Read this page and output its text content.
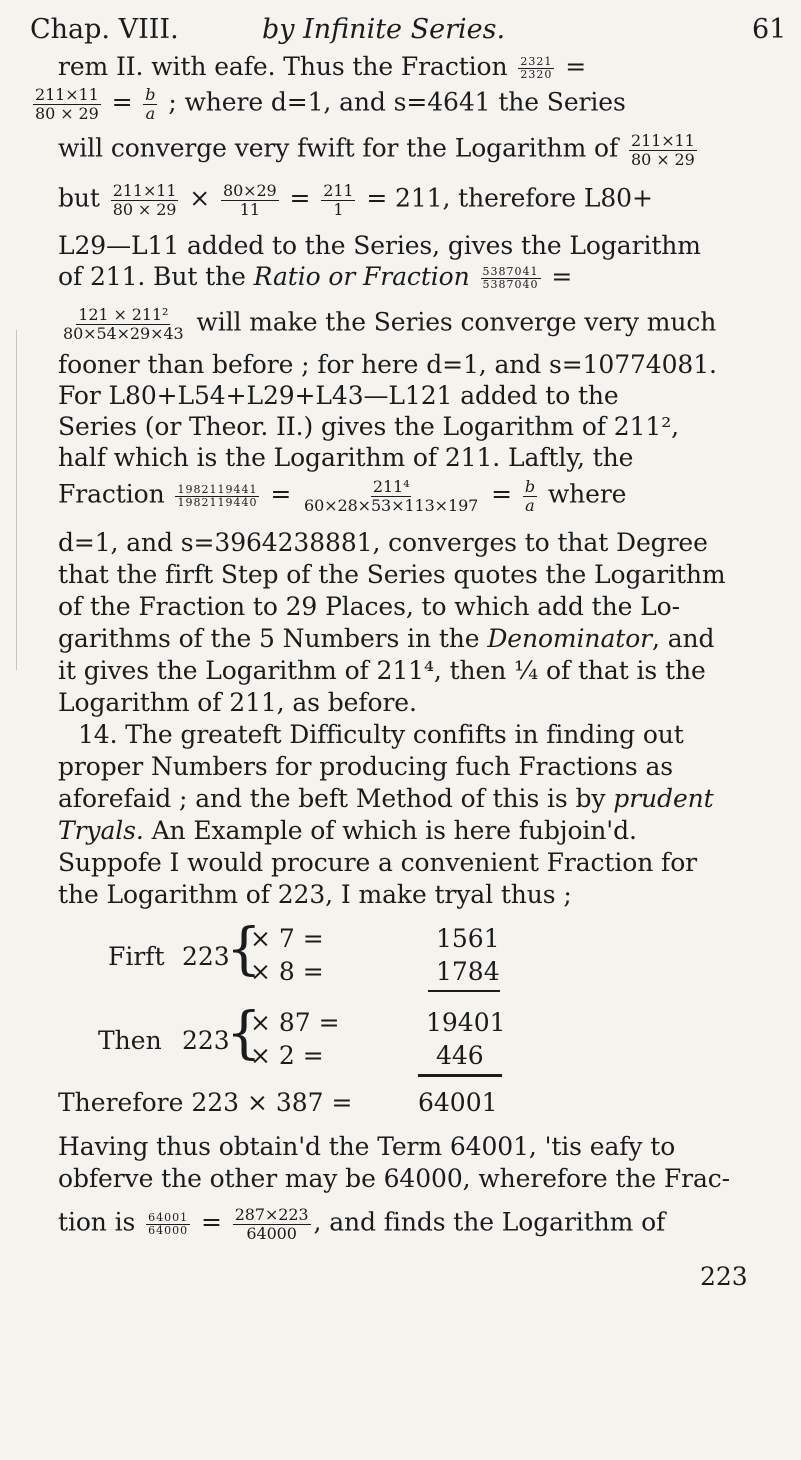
Chap. VIII.	by Infinite Series.	61
rem II. with eafe. Thus the Fraction $\frac{2321}{2320}$ =
$\frac{211\times 11}{80 \times 29} = \frac{b}{a}$ ; where d=1, and s=4641 the Series
will converge very fwift for the Logarithm of $\frac{211\times 11}{80 \times 29}$
but $\frac{211\times 11}{80 \times 29} \times \frac{80\times 29}{11} = \frac{211}{1} = 211$, therefore L80+
L29—L11 added to the Series, gives the Logarithm
of 211. But the Ratio or Fraction $\frac{5387041}{5387040}$ =
$\frac{\text{121 × 211²}}{80\times 54\times 29\times 43}$ will make the Series converge very much
fooner than before ; for here d=1, and s=10774081.
For L80+L54+L29+L43—L121 added to the
Series (or Theor. II.) gives the Logarithm of 211²,
half which is the Logarithm of 211. Laftly, the
Fraction $\frac{1982119441}{1982119440} = \frac{\text{211⁴}}{60\times 28\times 53\times 113\times 197} = \frac{b}{a}$ where
d=1, and s=3964238881, converges to that Degree
that the firft Step of the Series quotes the Logarithm
of the Fraction to 29 Places, to which add the Lo-
garithms of the 5 Numbers in the Denominator, and
it gives the Logarithm of 211⁴, then ¼ of that is the
Logarithm of 211, as before.
14. The greateft Difficulty confifts in finding out
proper Numbers for producing fuch Fractions as
aforefaid ; and the beft Method of this is by prudent
Tryals. An Example of which is here fubjoin'd.
Suppofe I would procure a convenient Fraction for
the Logarithm of 223, I make tryal thus ;
Firft 223
{
× 7 =	1561
× 8 =	1784
Then 223
{
× 87 =	19401
× 2 =	446
Therefore 223 × 387 =	64001
Having thus obtain'd the Term 64001, 'tis eafy to
obferve the other may be 64000, wherefore the Frac-
tion is $\frac{64001}{64000} = \frac{287\times 223}{64000}$ , and finds the Logarithm of
223
